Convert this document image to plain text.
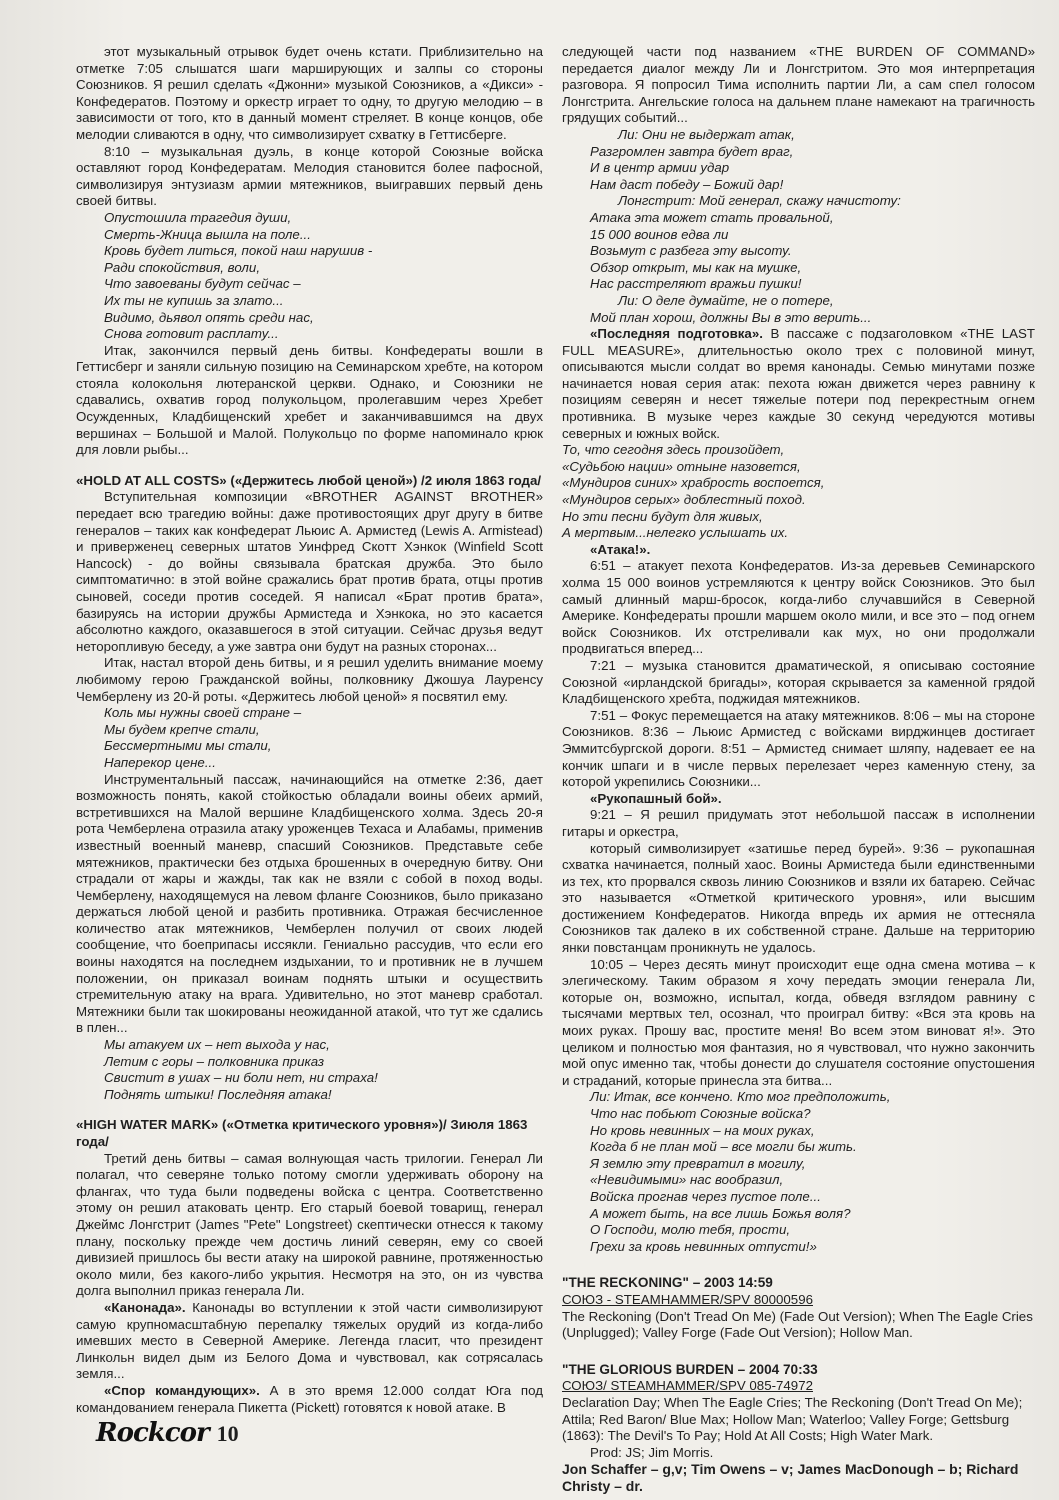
этот музыкальный отрывок будет очень кстати. Приблизительно на отметке 7:05 слышатся шаги марширующих и залпы со стороны Союзников. Я решил сделать «Джонни» музыкой Союзников, а «Дикси» - Конфедератов. Поэтому и оркестр играет то одну, то другую мелодию – в зависимости от того, кто в данный момент стреляет. В конце концов, обе мелодии сливаются в одну, что символизирует схватку в Геттисберге.

8:10 – музыкальная дуэль, в конце которой Союзные войска оставляют город Конфедератам. Мелодия становится более пафосной, символизируя энтузиазм армии мятежников, выигравших первый день своей битвы.

Опустошила трагедия души,

Смерть-Жница вышла на поле...

Кровь будет литься, покой наш нарушив -

Ради спокойствия, воли,

Что завоеваны будут сейчас –

Их ты не купишь за злато...

Видимо, дьявол опять среди нас,

Снова готовит расплату...

Итак, закончился первый день битвы. Конфедераты вошли в Геттисберг и заняли сильную позицию на Семинарском хребте, на котором стояла колокольня лютеранской церкви. Однако, и Союзники не сдавались, охватив город полукольцом, пролегавшим через Хребет Осужденных, Кладбищенский хребет и заканчивавшимся на двух вершинах – Большой и Малой. Полукольцо по форме напоминало крюк для ловли рыбы...

«HOLD AT ALL COSTS» («Держитесь любой ценой») /2 июля 1863 года/

Вступительная композиции «BROTHER AGAINST BROTHER» передает всю трагедию войны: даже противостоящих друг другу в битве генералов – таких как конфедерат Льюис А. Армистед (Lewis A. Armistead) и приверженец северных штатов Уинфред Скотт Хэнкок (Winfield Scott Hancock) - до войны связывала братская дружба. Это было симптоматично: в этой войне сражались брат против брата, отцы против сыновей, соседи против соседей. Я написал «Брат против брата», базируясь на истории дружбы Армистеда и Хэнкока, но это касается абсолютно каждого, оказавшегося в этой ситуации. Сейчас друзья ведут неторопливую беседу, а уже завтра они будут на разных сторонах...

Итак, настал второй день битвы, и я решил уделить внимание моему любимому герою Гражданской войны, полковнику Джошуа Лауренсу Чемберлену из 20-й роты. «Держитесь любой ценой» я посвятил ему.

Коль мы нужны своей стране –

Мы будем крепче стали,

Бессмертными мы стали,

Наперекор цене...

Инструментальный пассаж, начинающийся на отметке 2:36, дает возможность понять, какой стойкостью обладали воины обеих армий, встретившихся на Малой вершине Кладбищенского холма. Здесь 20-я рота Чемберлена отразила атаку уроженцев Техаса и Алабамы, применив известный военный маневр, спасший Союзников. Представьте себе мятежников, практически без отдыха брошенных в очередную битву. Они страдали от жары и жажды, так как не взяли с собой в поход воды. Чемберлену, находящемуся на левом фланге Союзников, было приказано держаться любой ценой и разбить противника. Отражая бесчисленное количество атак мятежников, Чемберлен получил от своих людей сообщение, что боеприпасы иссякли. Гениально рассудив, что если его воины находятся на последнем издыхании, то и противник не в лучшем положении, он приказал воинам поднять штыки и осуществить стремительную атаку на врага. Удивительно, но этот маневр сработал. Мятежники были так шокированы неожиданной атакой, что тут же сдались в плен...

Мы атакуем их – нет выхода у нас,

Летим с горы – полковника приказ

Свистит в ушах – ни боли нет, ни страха!

Поднять штыки! Последняя атака!

«HIGH WATER MARK» («Отметка критического уровня»)/ Зиюля 1863 года/

Третий день битвы – самая волнующая часть трилогии. Генерал Ли полагал, что северяне только потому смогли удерживать оборону на флангах, что туда были подведены войска с центра. Соответственно этому он решил атаковать центр. Его старый боевой товарищ, генерал Джеймс Лонгстрит (James "Pete" Longstreet) скептически отнесся к такому плану, поскольку прежде чем достичь линий северян, ему со своей дивизией пришлось бы вести атаку на широкой равнине, протяженностью около мили, без какого-либо укрытия. Несмотря на это, он из чувства долга выполнил приказ генерала Ли.

«Канонада». Канонады во вступлении к этой части символизируют самую крупномасштабную перепалку тяжелых орудий из когда-либо имевших место в Северной Америке. Легенда гласит, что президент Линкольн видел дым из Белого Дома и чувствовал, как сотрясалась земля...

«Спор командующих». А в это время 12.000 солдат Юга под командованием генерала Пикетта (Pickett) готовятся к новой атаке. В

следующей части под названием «THE BURDEN OF COMMAND» передается диалог между Ли и Лонгстритом. Это моя интерпретация разговора. Я попросил Тима исполнить партии Ли, а сам спел голосом Лонгстрита. Ангельские голоса на дальнем плане намекают на трагичность грядущих событий...

Ли: Они не выдержат атак,

Разгромлен завтра будет враг,

И в центр армии удар

Нам даст победу – Божий дар!

Лонгстрит: Мой генерал, скажу начистоту:

Атака эта может стать провальной,

15 000 воинов едва ли

Возьмут с разбега эту высоту.

Обзор открыт, мы как на мушке,

Нас расстреляют вражьи пушки!

Ли: О деле думайте, не о потере,

Мой план хорош, должны Вы в это верить...

«Последняя подготовка». В пассаже с подзаголовком «THE LAST FULL MEASURE», длительностью около трех с половиной минут, описываются мысли солдат во время канонады. Семью минутами позже начинается новая серия атак: пехота южан движется через равнину к позициям северян и несет тяжелые потери под перекрестным огнем противника. В музыке через каждые 30 секунд чередуются мотивы северных и южных войск.

То, что сегодня здесь произойдет,

«Судьбою нации» отныне назовется,

«Мундиров синих» храбрость воспоется,

«Мундиров серых» доблестный поход.

Но эти песни будут для живых,

А мертвым...нелегко услышать их.

«Атака!».

6:51 – атакует пехота Конфедератов. Из-за деревьев Семинарского холма 15 000 воинов устремляются к центру войск Союзников. Это был самый длинный марш-бросок, когда-либо случавшийся в Северной Америке. Конфедераты прошли маршем около мили, и все это – под огнем войск Союзников. Их отстреливали как мух, но они продолжали продвигаться вперед...

7:21 – музыка становится драматической, я описываю состояние Союзной «ирландской бригады», которая скрывается за каменной грядой Кладбищенского хребта, поджидая мятежников.

7:51 – Фокус перемещается на атаку мятежников. 8:06 – мы на стороне Союзников. 8:36 – Льюис Армистед с войсками вирджинцев достигает Эммитсбургской дороги. 8:51 – Армистед снимает шляпу, надевает ее на кончик шпаги и в числе первых перелезает через каменную стену, за которой укрепились Союзники...

«Рукопашный бой».

9:21 – Я решил придумать этот небольшой пассаж в исполнении гитары и оркестра,

который символизирует «затишье перед бурей». 9:36 – рукопашная схватка начинается, полный хаос. Воины Армистеда были единственными из тех, кто прорвался сквозь линию Союзников и взяли их батарею. Сейчас это называется «Отметкой критического уровня», или высшим достижением Конфедератов. Никогда впредь их армия не оттесняла Союзников так далеко в их собственной стране. Дальше на территорию янки повстанцам проникнуть не удалось.

10:05 – Через десять минут происходит еще одна смена мотива – к элегическому. Таким образом я хочу передать эмоции генерала Ли, которые он, возможно, испытал, когда, обведя взглядом равнину с тысячами мертвых тел, осознал, что проиграл битву: «Вся эта кровь на моих руках. Прошу вас, простите меня! Во всем этом виноват я!». Это целиком и полностью моя фантазия, но я чувствовал, что нужно закончить мой опус именно так, чтобы донести до слушателя состояние опустошения и страданий, которые принесла эта битва...

Ли: Итак, все кончено. Кто мог предположить,

Что нас побьют Союзные войска?

Но кровь невинных – на моих руках,

Когда б не план мой – все могли бы жить.

Я землю эту превратил в могилу,

«Невидимыми» нас вообразил,

Войска прогнав через пустое поле...

А может быть, на все лишь Божья воля?

О Господи, молю тебя, прости,

Грехи за кровь невинных отпусти!»

"THE RECKONING" – 2003 14:59
СОЮЗ - STEAMHAMMER/SPV 80000596
The Reckoning (Don't Tread On Me) (Fade Out Version); When The Eagle Cries (Unplugged); Valley Forge (Fade Out Version); Hollow Man.
"THE GLORIOUS BURDEN – 2004 70:33
СОЮЗ/ STEAMHAMMER/SPV 085-74972
Declaration Day; When The Eagle Cries; The Reckoning (Don't Tread On Me); Attila; Red Baron/ Blue Max; Hollow Man; Waterloo; Valley Forge; Gettsburg (1863): The Devil's To Pay; Hold At All Costs; High Water Mark.

Prod: JS; Jim Morris.

Jon Schaffer – g,v; Tim Owens – v; James MacDonough – b; Richard Christy – dr.
Rockcor 10
